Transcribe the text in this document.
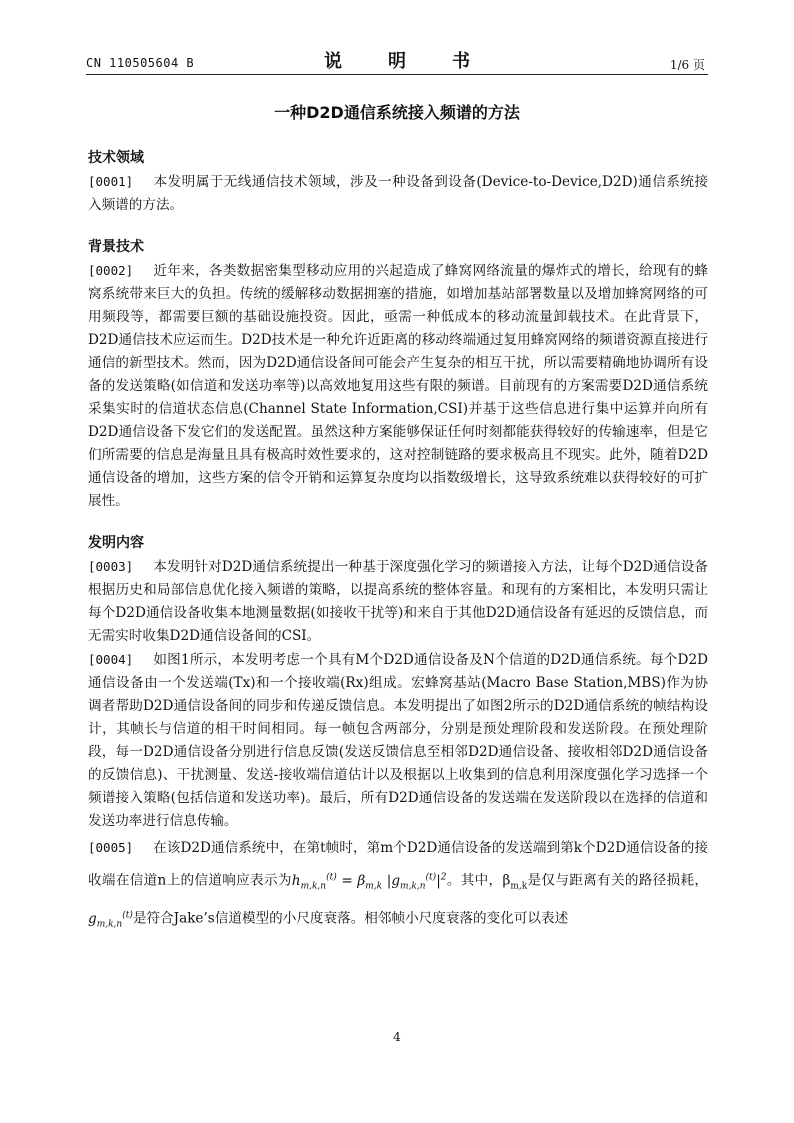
CN 110505604 B	说　明　书	1/6 页
一种D2D通信系统接入频谱的方法
技术领域

[0001] 本发明属于无线通信技术领域，涉及一种设备到设备(Device-to-Device,D2D)通信系统接入频谱的方法。

背景技术

[0002] 近年来，各类数据密集型移动应用的兴起造成了蜂窝网络流量的爆炸式的增长，给现有的蜂窝系统带来巨大的负担。传统的缓解移动数据拥塞的措施，如增加基站部署数量以及增加蜂窝网络的可用频段等，都需要巨额的基础设施投资。因此，亟需一种低成本的移动流量卸载技术。在此背景下，D2D通信技术应运而生。D2D技术是一种允许近距离的移动终端通过复用蜂窝网络的频谱资源直接进行通信的新型技术。然而，因为D2D通信设备间可能会产生复杂的相互干扰，所以需要精确地协调所有设备的发送策略(如信道和发送功率等)以高效地复用这些有限的频谱。目前现有的方案需要D2D通信系统采集实时的信道状态信息(Channel State Information,CSI)并基于这些信息进行集中运算并向所有D2D通信设备下发它们的发送配置。虽然这种方案能够保证任何时刻都能获得较好的传输速率，但是它们所需要的信息是海量且具有极高时效性要求的，这对控制链路的要求极高且不现实。此外，随着D2D通信设备的增加，这些方案的信令开销和运算复杂度均以指数级增长，这导致系统难以获得较好的可扩展性。

发明内容

[0003] 本发明针对D2D通信系统提出一种基于深度强化学习的频谱接入方法，让每个D2D通信设备根据历史和局部信息优化接入频谱的策略，以提高系统的整体容量。和现有的方案相比，本发明只需让每个D2D通信设备收集本地测量数据(如接收干扰等)和来自于其他D2D通信设备有延迟的反馈信息，而无需实时收集D2D通信设备间的CSI。

[0004] 如图1所示，本发明考虑一个具有M个D2D通信设备及N个信道的D2D通信系统。每个D2D通信设备由一个发送端(Tx)和一个接收端(Rx)组成。宏蜂窝基站(Macro Base Station,MBS)作为协调者帮助D2D通信设备间的同步和传递反馈信息。本发明提出了如图2所示的D2D通信系统的帧结构设计，其帧长与信道的相干时间相同。每一帧包含两部分，分别是预处理阶段和发送阶段。在预处理阶段，每一D2D通信设备分别进行信息反馈(发送反馈信息至相邻D2D通信设备、接收相邻D2D通信设备的反馈信息)、干扰测量、发送-接收端信道估计以及根据以上收集到的信息利用深度强化学习选择一个频谱接入策略(包括信道和发送功率)。最后，所有D2D通信设备的发送端在发送阶段以在选择的信道和发送功率进行信息传输。

[0005] 在该D2D通信系统中，在第t帧时，第m个D2D通信设备的发送端到第k个D2D通信设备的接收端在信道n上的信道响应表示为$h_{m,k,n}^{(t)} = \beta_{m,k}$ $|g_{m,k,n}^{(t)}|^2$。其中，$\beta_{m,k}$是仅与距离有关的路径损耗，$g_{m,k,n}^{(t)}$是符合Jake’s信道模型的小尺度衰落。相邻帧小尺度衰落的变化可以表述

4
